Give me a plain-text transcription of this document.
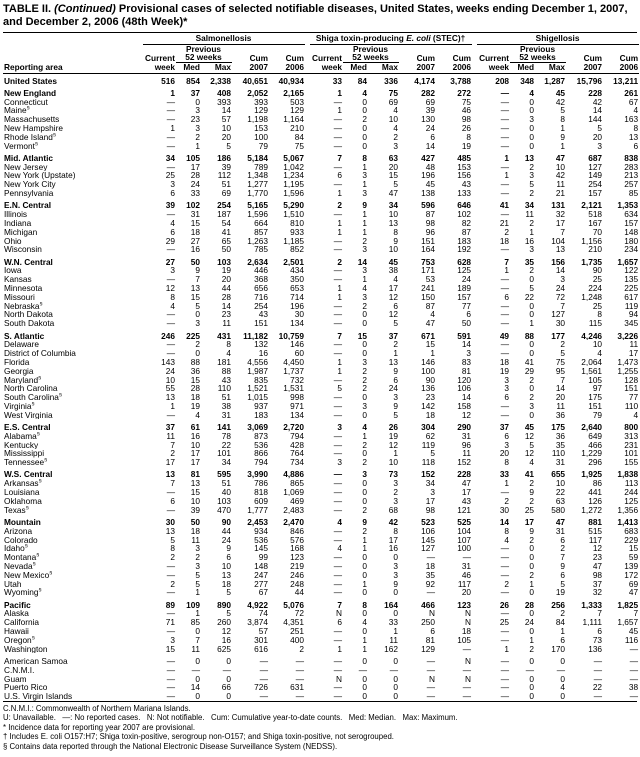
TABLE II. (Continued) Provisional cases of selected notifiable diseases, United States, weeks ending December 1, 2007, and December 2, 2006 (48th Week)*
	Salmonellosis						Shiga toxin-producing E. coli (STEC)†						Shigellosis				
		Previous						Previous						Previous			
	Current	52 weeks		Cum	Cum		Current	52 weeks		Cum	Cum		Current	52 weeks		Cum	Cum
Reporting area	week	Med	Max	2007	2006		week	Med	Max	2007	2006		week	Med	Max	2007	2006
United States	516	854	2,338	40,651	40,934		33	84	336	4,174	3,788		208	348	1,287	15,796	13,211
New England	1	37	408	2,052	2,165		1	4	75	282	272		—	4	45	228	261
Connecticut	—	0	393	393	503		—	0	69	69	75		—	0	42	42	67
Maine§	—	3	14	129	129		1	0	4	39	46		—	0	5	14	4
Massachusetts	—	23	57	1,198	1,164		—	2	10	130	98		—	3	8	144	163
New Hampshire	1	3	10	153	210		—	0	4	24	26		—	0	1	5	8
Rhode Island§	—	2	20	100	84		—	0	2	6	8		—	0	9	20	13
Vermont§	—	1	5	79	75		—	0	3	14	19		—	0	1	3	6
Mid. Atlantic	34	105	186	5,184	5,067		7	8	63	427	485		1	13	47	687	838
New Jersey	—	17	39	789	1,042		—	1	20	48	153		—	2	10	127	283
New York (Upstate)	25	28	112	1,348	1,234		6	3	15	196	156		1	3	42	149	213
New York City	3	24	51	1,277	1,195		—	1	5	45	43		—	5	11	254	257
Pennsylvania	6	33	69	1,770	1,596		1	3	47	138	133		—	2	21	157	85
E.N. Central	39	102	254	5,165	5,290		2	9	34	596	646		41	34	131	2,121	1,353
Illinois	—	31	187	1,596	1,510		—	1	10	87	102		—	11	32	518	634
Indiana	4	15	54	664	810		1	1	13	98	82		21	2	17	167	157
Michigan	6	18	41	857	933		1	1	8	96	87		2	1	7	70	148
Ohio	29	27	65	1,263	1,185		—	2	9	151	183		18	16	104	1,156	180
Wisconsin	—	16	50	785	852		—	3	10	164	192		—	3	13	210	234
W.N. Central	27	50	103	2,634	2,501		2	14	45	753	628		7	35	156	1,735	1,657
Iowa	3	9	19	446	434		—	3	38	171	125		1	2	14	90	122
Kansas	—	7	20	368	350		—	1	4	53	24		—	0	3	25	135
Minnesota	12	13	44	656	653		1	4	17	241	189		—	5	24	224	225
Missouri	8	15	28	716	714		1	3	12	150	157		6	22	72	1,248	617
Nebraska§	4	5	14	254	196		—	2	6	87	77		—	0	7	25	119
North Dakota	—	0	23	43	30		—	0	12	4	6		—	0	127	8	94
South Dakota	—	3	11	151	134		—	0	5	47	50		—	1	30	115	345
S. Atlantic	246	225	431	11,182	10,759		7	15	37	671	591		49	88	177	4,246	3,226
Delaware	—	2	8	132	146		—	0	2	15	14		—	0	2	10	11
District of Columbia	—	0	4	16	60		—	0	1	1	3		—	0	5	4	17
Florida	143	88	181	4,556	4,450		1	3	13	146	83		18	41	75	2,064	1,473
Georgia	24	36	88	1,987	1,737		1	2	9	100	81		19	29	95	1,561	1,255
Maryland§	10	15	43	835	732		—	2	6	90	120		3	2	7	105	128
North Carolina	55	28	110	1,521	1,531		5	2	24	136	106		3	0	14	97	151
South Carolina§	13	18	51	1,015	998		—	0	3	23	14		6	2	20	175	77
Virginia§	1	19	38	937	971		—	3	9	142	158		—	3	11	151	110
West Virginia	—	4	31	183	134		—	0	5	18	12		—	0	36	79	4
E.S. Central	37	61	141	3,069	2,720		3	4	26	304	290		37	45	175	2,640	800
Alabama§	11	16	78	873	794		—	1	19	62	31		6	12	36	649	313
Kentucky	7	10	22	536	428		—	2	12	119	96		3	5	35	466	231
Mississippi	2	17	101	866	764		—	0	1	5	11		20	12	110	1,229	101
Tennessee§	17	17	34	794	734		3	2	10	118	152		8	4	31	296	155
W.S. Central	13	81	595	3,990	4,886		—	3	73	152	228		33	41	655	1,925	1,838
Arkansas§	7	13	51	786	865		—	0	3	34	47		1	2	10	86	113
Louisiana	—	15	40	818	1,069		—	0	2	3	17		—	9	22	441	244
Oklahoma	6	10	103	609	469		—	0	3	17	43		2	2	63	126	125
Texas§	—	39	470	1,777	2,483		—	2	68	98	121		30	25	580	1,272	1,356
Mountain	30	50	90	2,453	2,470		4	9	42	523	525		14	17	47	881	1,413
Arizona	13	18	44	934	846		—	2	8	106	104		8	9	31	515	683
Colorado	5	11	24	536	576		—	1	17	145	107		4	2	6	117	229
Idaho§	8	3	9	145	168		4	1	16	127	100		—	0	2	12	15
Montana§	2	2	6	99	123		—	0	0	—	—		—	0	7	23	59
Nevada§	—	3	10	148	219		—	0	3	18	31		—	0	9	47	139
New Mexico§	—	5	13	247	246		—	0	3	35	46		—	2	6	98	172
Utah	2	5	18	277	248		—	1	9	92	117		2	1	5	37	69
Wyoming§	—	1	5	67	44		—	0	0	—	20		—	0	19	32	47
Pacific	89	109	890	4,922	5,076		7	8	164	466	123		26	28	256	1,333	1,825
Alaska	—	1	5	74	72		N	0	0	N	N		—	0	2	7	7
California	71	85	260	3,874	4,351		6	4	33	250	N		25	24	84	1,111	1,657
Hawaii	—	0	12	57	251		—	0	1	6	18		—	0	1	6	45
Oregon§	3	7	16	301	400		—	1	11	81	105		—	1	6	73	116
Washington	15	11	625	616	2		1	1	162	129	—		1	2	170	136	—
American Samoa	—	0	0	—	—		—	0	0	—	N		—	0	0	—	—
C.N.M.I.	—	—	—	—	—		—	—	—	—	—		—	—	—	—	—
Guam	—	0	0	—	—		N	0	0	N	N		—	0	0	—	—
Puerto Rico	—	14	66	726	631		—	0	0	—	—		—	0	4	22	38
U.S. Virgin Islands	—	0	0	—	—		—	0	0	—	—		—	0	0	—	—
C.N.M.I.: Commonwealth of Northern Mariana Islands.
U: Unavailable.   —: No reported cases.   N: Not notifiable.   Cum: Cumulative year-to-date counts.   Med: Median.   Max: Maximum.
* Incidence data for reporting year 2007 are provisional.
† Includes E. coli O157:H7; Shiga toxin-positive, serogroup non-O157; and Shiga toxin-positive, not serogrouped.
§ Contains data reported through the National Electronic Disease Surveillance System (NEDSS).
